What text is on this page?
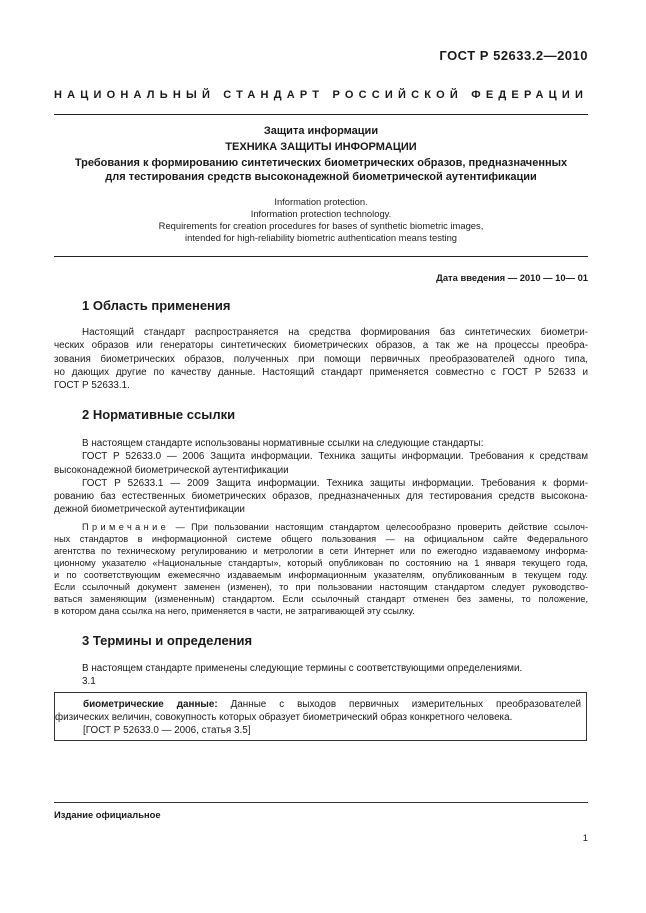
ГОСТ Р 52633.2—2010
НАЦИОНАЛЬНЫЙ СТАНДАРТ РОССИЙСКОЙ ФЕДЕРАЦИИ
Защита информации
ТЕХНИКА ЗАЩИТЫ ИНФОРМАЦИИ
Требования к формированию синтетических биометрических образов, предназначенных
для тестирования средств высоконадежной биометрической аутентификации
Information protection.
Information protection technology.
Requirements for creation procedures for bases of synthetic biometric images,
intended for high-reliability biometric authentication means testing
Дата введения — 2010 — 10— 01
1 Область применения
Настоящий стандарт распространяется на средства формирования баз синтетических биометри-
ческих образов или генераторы синтетических биометрических образов, а так же на процессы преобра-
зования биометрических образов, полученных при помощи первичных преобразователей одного типа,
но дающих другие по качеству данные. Настоящий стандарт применяется совместно с ГОСТ Р 52633 и
ГОСТ Р 52633.1.
2 Нормативные ссылки
В настоящем стандарте использованы нормативные ссылки на следующие стандарты:
ГОСТ Р 52633.0 — 2006 Защита информации. Техника защиты информации. Требования к средствам
высоконадежной биометрической аутентификации
ГОСТ Р 52633.1 — 2009 Защита информации. Техника защиты информации. Требования к форми-
рованию баз естественных биометрических образов, предназначенных для тестирования средств высоконa-
дежной биометрической аутентификации
Примечание — При пользовании настоящим стандартом целесообразно проверить действие ссылоч-
ных стандартов в информационной системе общего пользования — на официальном сайте Федерального
агентства по техническому регулированию и метрологии в сети Интернет или по ежегодно издаваемому информа-
ционному указателю «Национальные стандарты», который опубликован по состоянию на 1 января текущего года,
и по соответствующим ежемесячно издаваемым информационным указателям, опубликованным в текущем году.
Если ссылочный документ заменен (изменен), то при пользовании настоящим стандартом следует руководство-
ваться заменяющим (измененным) стандартом. Если ссылочный стандарт отменен без замены, то положение,
в котором дана ссылка на него, применяется в части, не затрагивающей эту ссылку.
3 Термины и определения
В настоящем стандарте применены следующие термины с соответствующими определениями.
3.1
биометрические данные: Данные с выходов первичных измерительных преобразователей
физических величин, совокупность которых образует биометрический образ конкретного человека.
[ГОСТ Р 52633.0 — 2006, статья 3.5]
Издание официальное
1
